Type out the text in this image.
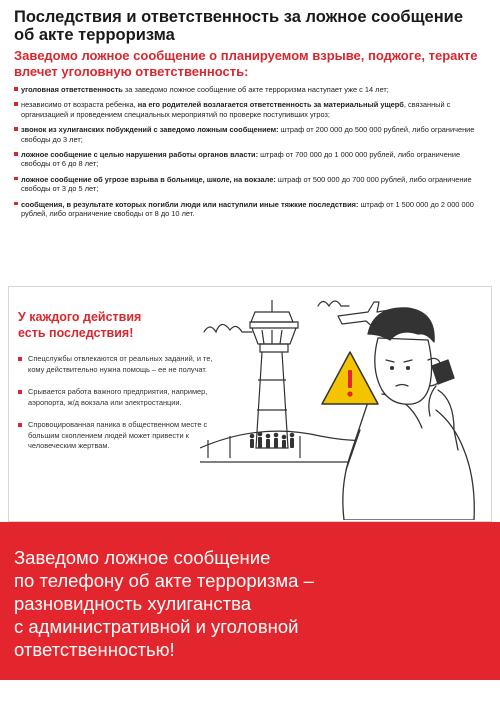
Последствия и ответственность за ложное сообщение об акте терроризма
Заведомо ложное сообщение о планируемом взрыве, поджоге, теракте влечет уголовную ответственность:
уголовная ответственность за заведомо ложное сообщение об акте терроризма наступает уже с 14 лет;
независимо от возраста ребенка, на его родителей возлагается ответственность за материальный ущерб, связанный с организацией и проведением специальных мероприятий по проверке поступивших угроз;
звонок из хулиганских побуждений с заведомо ложным сообщением: штраф от 200 000 до 500 000 рублей, либо ограничение свободы до 3 лет;
ложное сообщение с целью нарушения работы органов власти: штраф от 700 000 до 1 000 000 рублей, либо ограничение свободы от 6 до 8 лет;
ложное сообщение об угрозе взрыва в больнице, школе, на вокзале: штраф от 500 000 до 700 000 рублей, либо ограничение свободы от 3 до 5 лет;
сообщения, в результате которых погибли люди или наступили иные тяжкие последствия: штраф от 1 500 000 до 2 000 000 рублей, либо ограничение свободы от 8 до 10 лет.
У каждого действия
есть последствия!
Спецслужбы отвлекаются от реальных заданий, и те, кому действительно нужна помощь – ее не получат.
Срывается работа важного предприятия, например, аэропорта, ж/д вокзала или электростанции.
Спровоцированная паника в общественном месте с большим скоплением людей может привести к человеческим жертвам.
Заведомо ложное сообщение
по телефону об акте терроризма –
разновидность хулиганства
с административной и уголовной
ответственностью!
